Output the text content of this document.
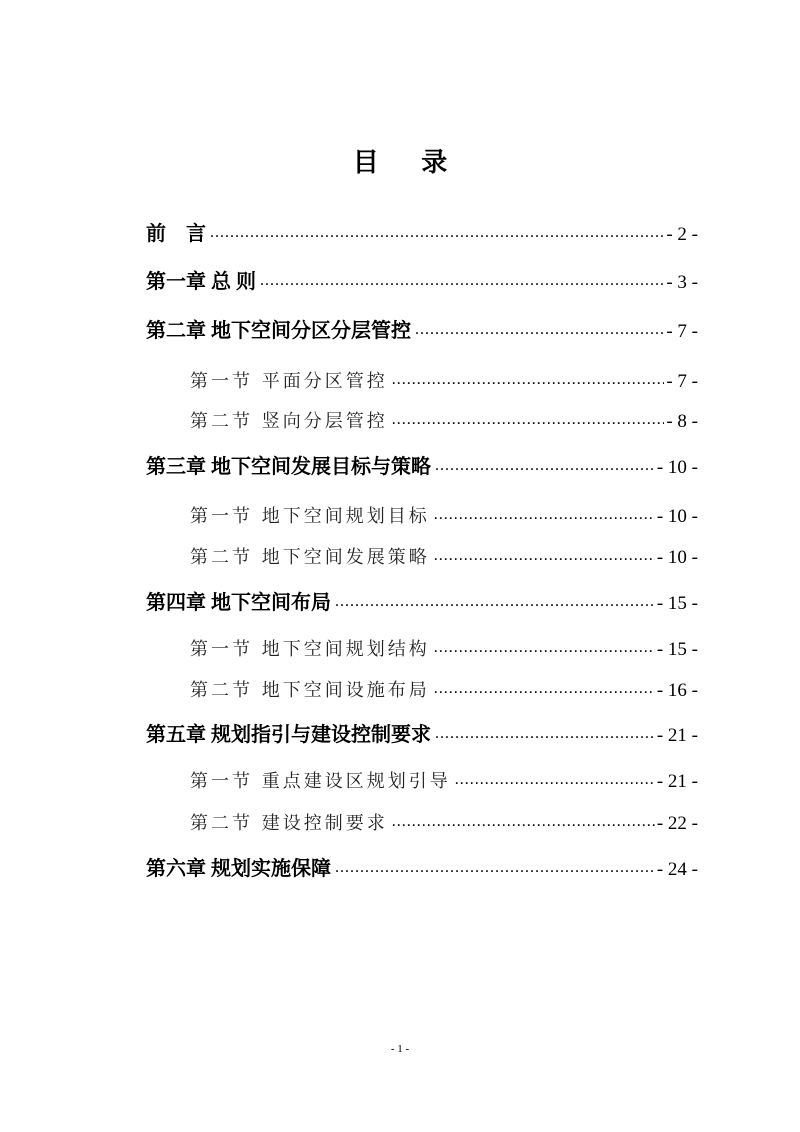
目 录
前　言 .....	- 2 -
第一章 总 则 .....	- 3 -
第二章 地下空间分区分层管控 .....	- 7 -
第一节 平面分区管控 .....	- 7 -
第二节 竖向分层管控 .....	- 8 -
第三章 地下空间发展目标与策略 .....	- 10 -
第一节 地下空间规划目标 .....	- 10 -
第二节 地下空间发展策略 .....	- 10 -
第四章 地下空间布局 .....	- 15 -
第一节 地下空间规划结构 .....	- 15 -
第二节 地下空间设施布局 .....	- 16 -
第五章 规划指引与建设控制要求 .....	- 21 -
第一节 重点建设区规划引导 .....	- 21 -
第二节 建设控制要求 .....	- 22 -
第六章 规划实施保障 .....	- 24 -
- 1 -
